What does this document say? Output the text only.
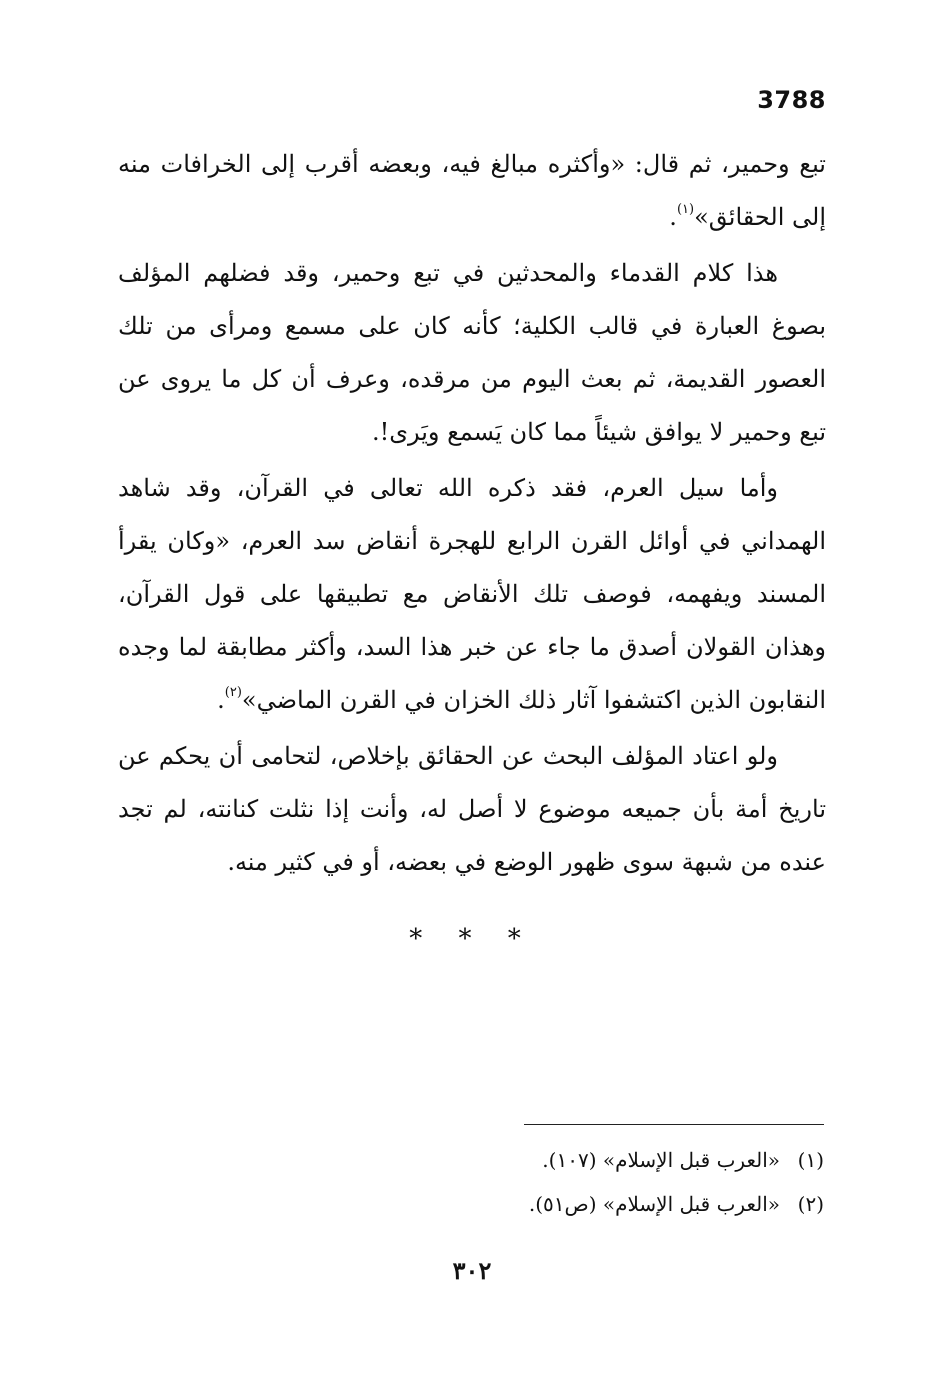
3788

تبع وحمير، ثم قال: «وأكثره مبالغ فيه، وبعضه أقرب إلى الخرافات منه إلى الحقائق»$^{(١)}$.

هذا كلام القدماء والمحدثين في تبع وحمير، وقد فضلهم المؤلف بصوغ العبارة في قالب الكلية؛ كأنه كان على مسمع ومرأى من تلك العصور القديمة، ثم بعث اليوم من مرقده، وعرف أن كل ما يروى عن تبع وحمير لا يوافق شيئاً مما كان يَسمع ويَرى!.

وأما سيل العرم، فقد ذكره الله تعالى في القرآن، وقد شاهد الهمداني في أوائل القرن الرابع للهجرة أنقاض سد العرم، «وكان يقرأ المسند ويفهمه، فوصف تلك الأنقاض مع تطبيقها على قول القرآن، وهذان القولان أصدق ما جاء عن خبر هذا السد، وأكثر مطابقة لما وجده النقابون الذين اكتشفوا آثار ذلك الخزان في القرن الماضي»$^{(٢)}$.

ولو اعتاد المؤلف البحث عن الحقائق بإخلاص، لتحامى أن يحكم عن تاريخ أمة بأن جميعه موضوع لا أصل له، وأنت إذا نثلت كنانته، لم تجد عنده من شبهة سوى ظهور الوضع في بعضه، أو في كثير منه.

* * *

(١)«العرب قبل الإسلام» (١٠٧).

(٢)«العرب قبل الإسلام» (ص٥١).

٣٠٢
